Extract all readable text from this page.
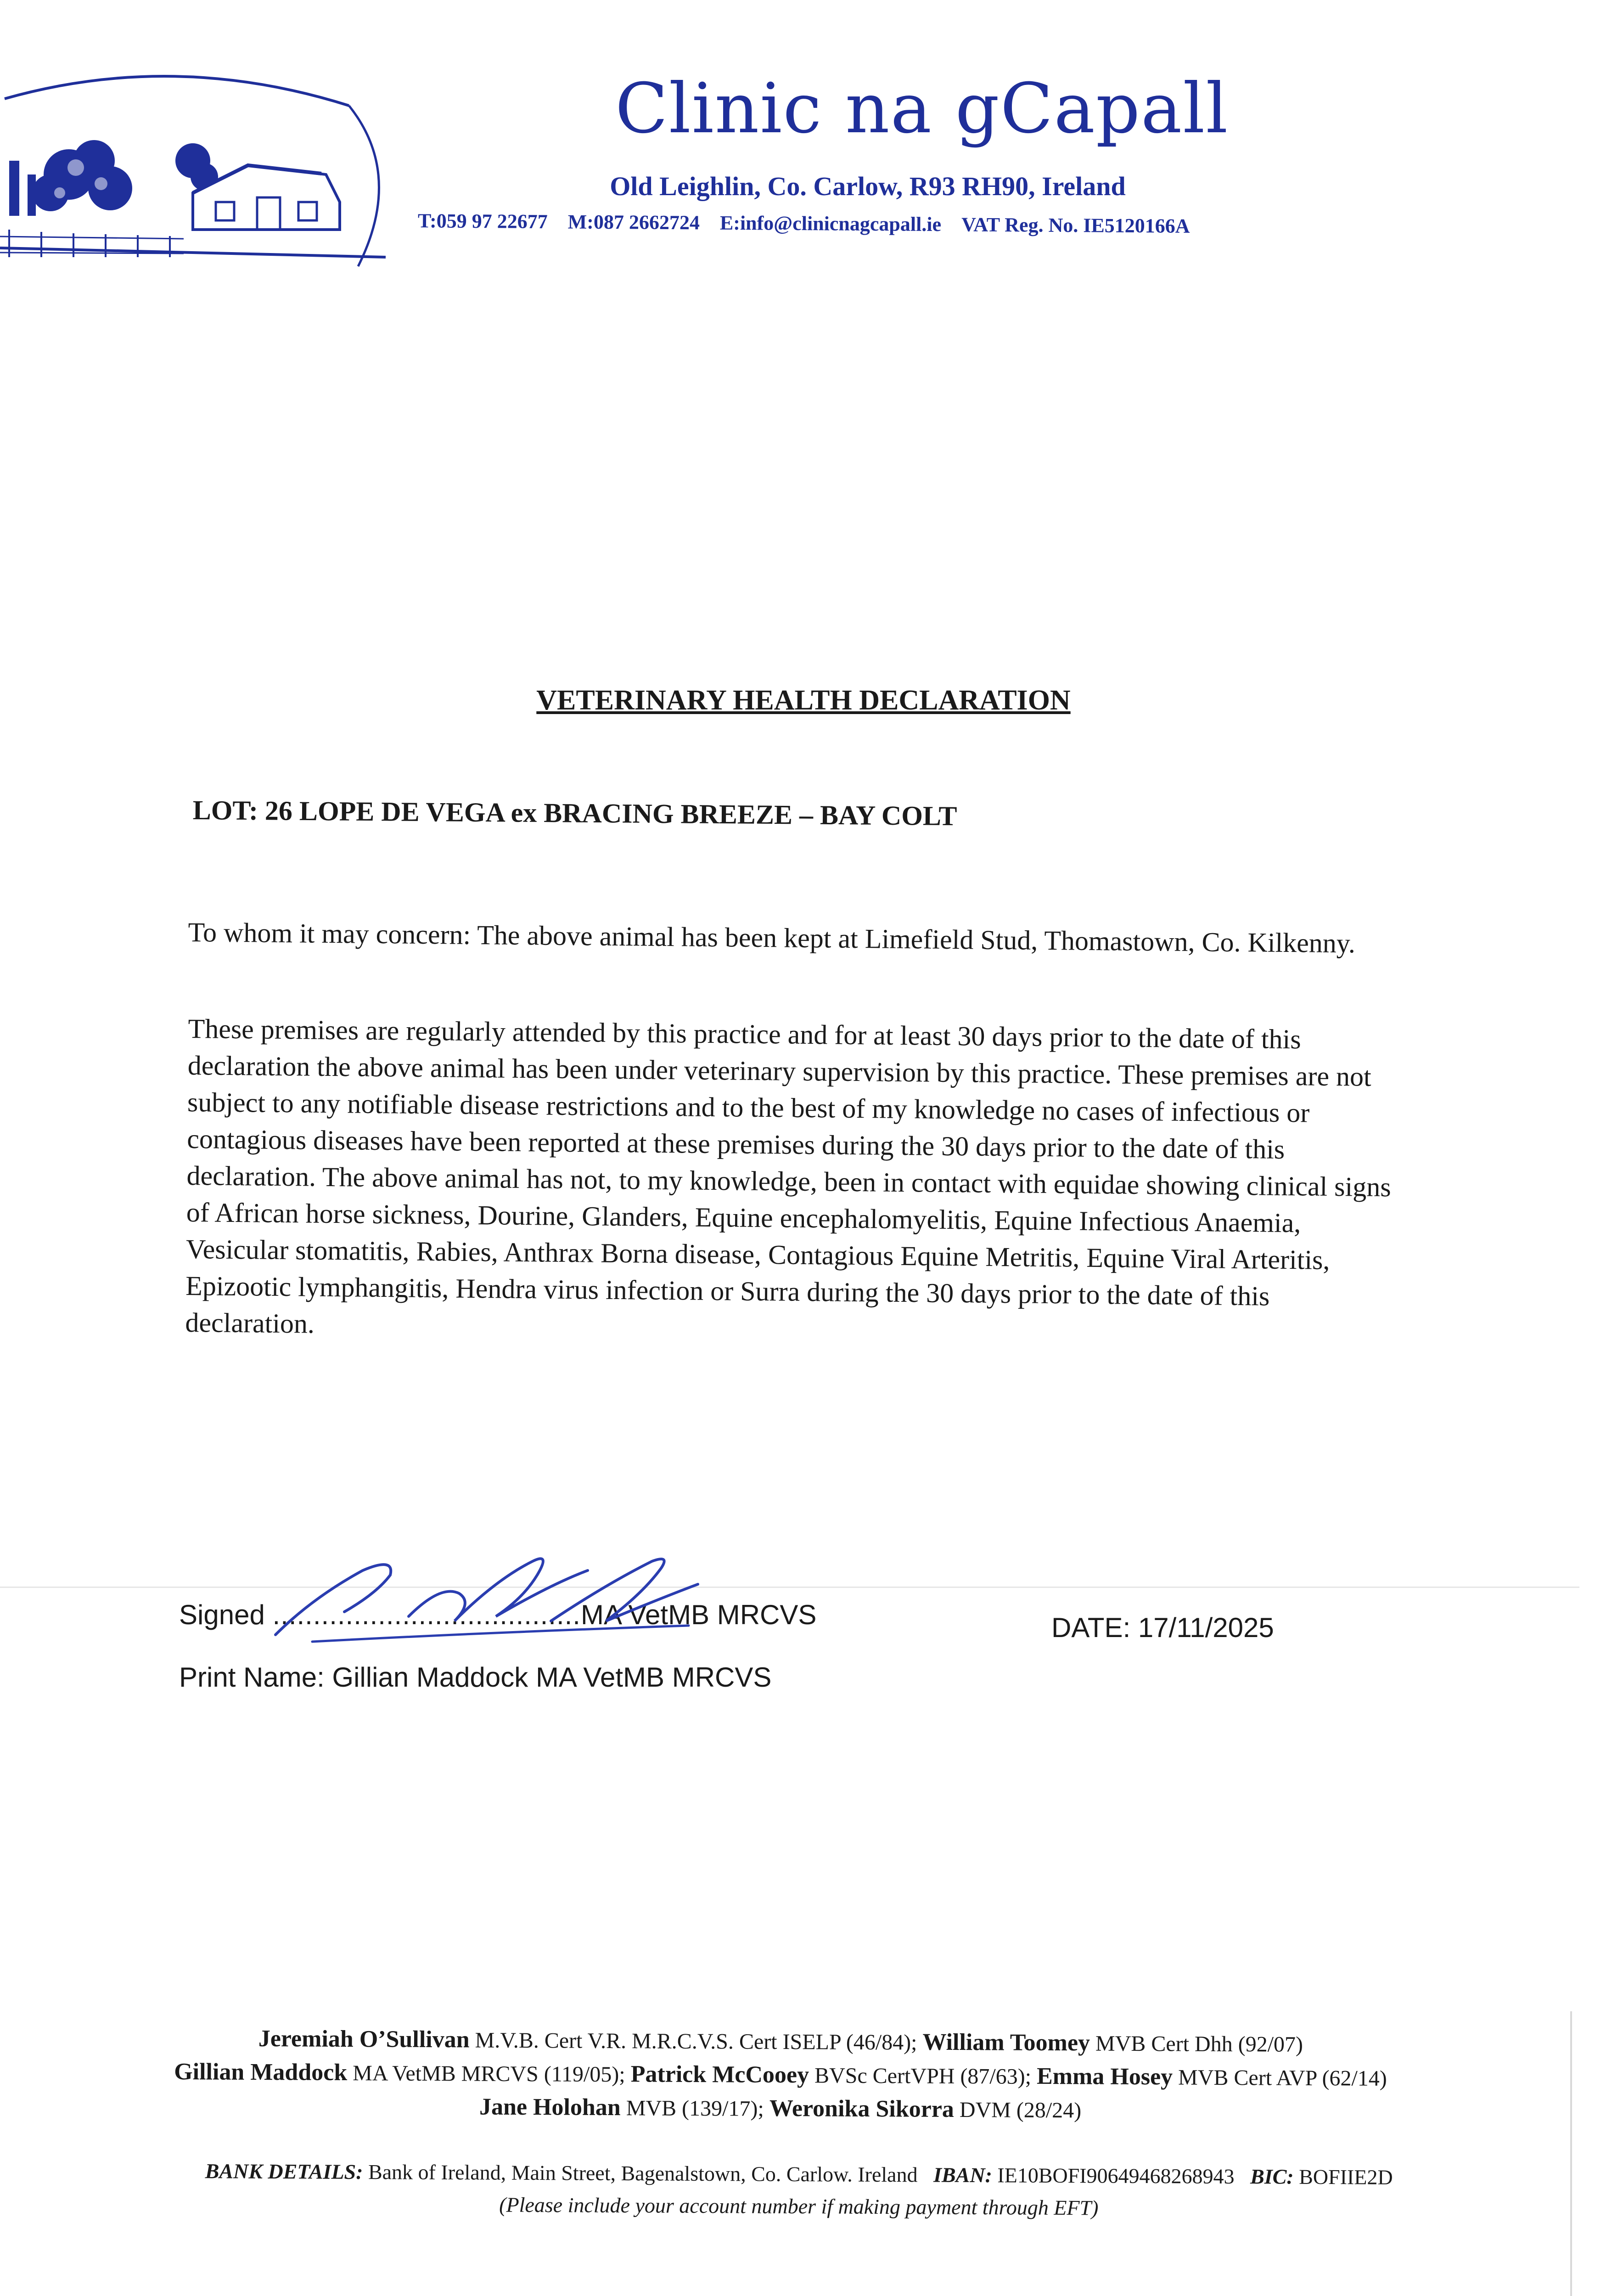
Clinic na gCapall
Old Leighlin, Co. Carlow, R93 RH90, Ireland
T:059 97 22677 M:087 2662724 E:info@clinicnagcapall.ie VAT Reg. No. IE5120166A
VETERINARY HEALTH DECLARATION
LOT: 26 LOPE DE VEGA ex BRACING BREEZE – BAY COLT
To whom it may concern: The above animal has been kept at Limefield Stud, Thomastown, Co. Kilkenny.
These premises are regularly attended by this practice and for at least 30 days prior to the date of this declaration the above animal has been under veterinary supervision by this practice. These premises are not subject to any notifiable disease restrictions and to the best of my knowledge no cases of infectious or contagious diseases have been reported at these premises during the 30 days prior to the date of this declaration. The above animal has not, to my knowledge, been in contact with equidae showing clinical signs of African horse sickness, Dourine, Glanders, Equine encephalomyelitis, Equine Infectious Anaemia, Vesicular stomatitis, Rabies, Anthrax Borna disease, Contagious Equine Metritis, Equine Viral Arteritis, Epizootic lymphangitis, Hendra virus infection or Surra during the 30 days prior to the date of this declaration.
Signed ......................................MA VetMB MRCVS	DATE: 17/11/2025
Print Name: Gillian Maddock MA VetMB MRCVS
Jeremiah O’Sullivan M.V.B. Cert V.R. M.R.C.V.S. Cert ISELP (46/84); William Toomey MVB Cert Dhh (92/07)
Gillian Maddock MA VetMB MRCVS (119/05); Patrick McCooey BVSc CertVPH (87/63); Emma Hosey MVB Cert AVP (62/14)
Jane Holohan MVB (139/17); Weronika Sikorra DVM (28/24)
BANK DETAILS: Bank of Ireland, Main Street, Bagenalstown, Co. Carlow. Ireland IBAN: IE10BOFI90649468268943 BIC: BOFIIE2D
(Please include your account number if making payment through EFT)
